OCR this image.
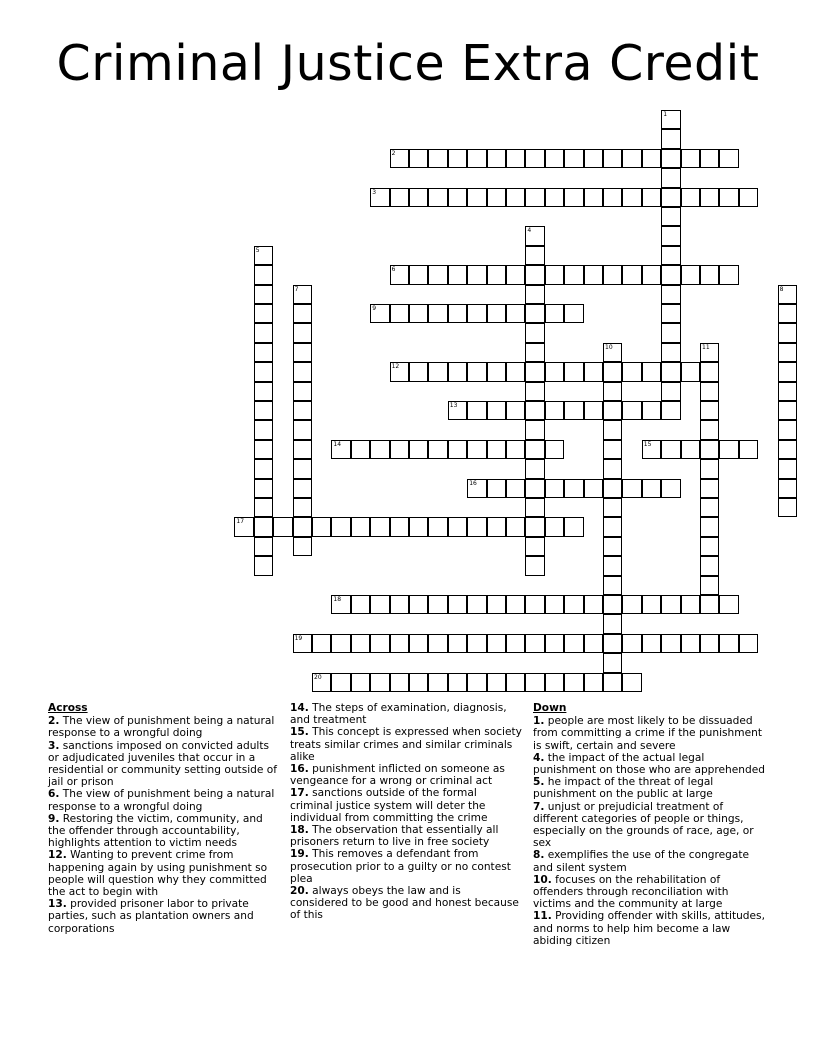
Criminal Justice Extra Credit
1
2
3
4
5
6
7	8
9
10	11
12
13
14	15
16
17
18
19
20
Across

2. The view of punishment being a natural response to a wrongful doing

3. sanctions imposed on convicted adults or adjudicated juveniles that occur in a residential or community setting outside of jail or prison

6. The view of punishment being a natural response to a wrongful doing

9. Restoring the victim, community, and the offender through accountability, highlights attention to victim needs

12. Wanting to prevent crime from happening again by using punishment so people will question why they committed the act to begin with

13. provided prisoner labor to private parties, such as plantation owners and corporations

14. The steps of examination, diagnosis, and treatment

15. This concept is expressed when society treats similar crimes and similar criminals alike

16. punishment inflicted on someone as vengeance for a wrong or criminal act

17. sanctions outside of the formal criminal justice system will deter the individual from committing the crime

18. The observation that essentially all prisoners return to live in free society

19. This removes a defendant from prosecution prior to a guilty or no contest plea

20. always obeys the law and is considered to be good and honest because of this

Down

1. people are most likely to be dissuaded from committing a crime if the punishment is swift, certain and severe

4. the impact of the actual legal punishment on those who are apprehended

5. he impact of the threat of legal punishment on the public at large

7. unjust or prejudicial treatment of different categories of people or things, especially on the grounds of race, age, or sex

8. exemplifies the use of the congregate and silent system

10. focuses on the rehabilitation of offenders through reconciliation with victims and the community at large

11. Providing offender with skills, attitudes, and norms to help him become a law abiding citizen
